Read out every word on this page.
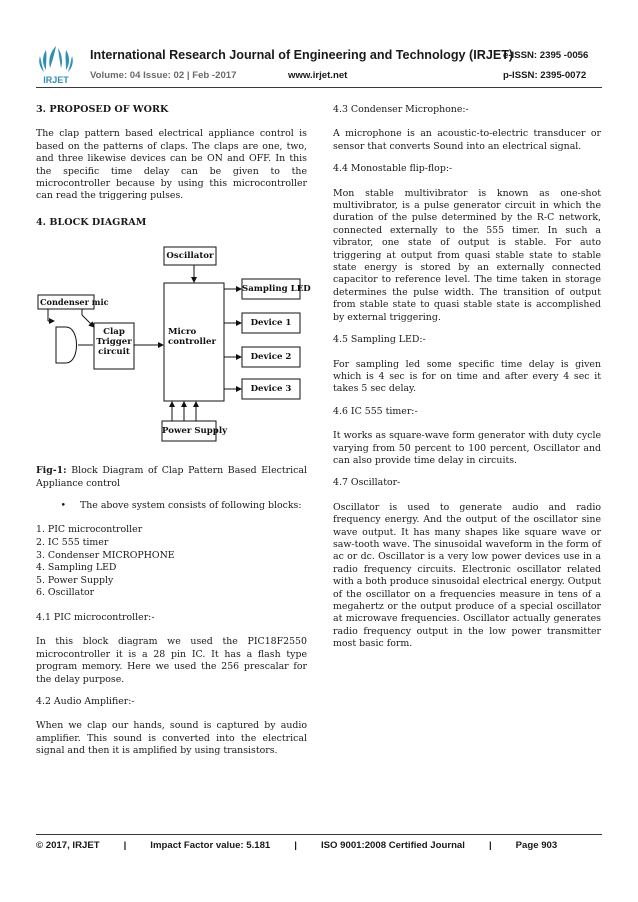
IRJET
International Research Journal of Engineering and Technology (IRJET)
e-ISSN: 2395 -0056
Volume: 04 Issue: 02 | Feb -2017	www.irjet.net	p-ISSN: 2395-0072
3. PROPOSED OF WORK

The clap pattern based electrical appliance control is based on the patterns of claps. The claps are one, two, and three likewise devices can be ON and OFF. In this the specific time delay can be given to the microcontroller because by using this microcontroller can read the triggering pulses.

4. BLOCK DIAGRAM
Oscillator
Condenser mic
Clap
Trigger
circuit
Micro
controller
Sampling LED
Device 1
Device 2
Device 3
Power Supply

Fig-1: Block Diagram of Clap Pattern Based Electrical Appliance control

•	The above system consists of following blocks:
1. PIC microcontroller
2. IC 555 timer
3. Condenser MICROPHONE
4. Sampling LED
5. Power Supply
6. Oscillator
4.1 PIC microcontroller:-

In this block diagram we used the PIC18F2550 microcontroller it is a 28 pin IC. It has a flash type program memory. Here we used the 256 prescalar for the delay purpose.

4.2 Audio Amplifier:-

When we clap our hands, sound is captured by audio amplifier. This sound is converted into the electrical signal and then it is amplified by using transistors.

4.3 Condenser Microphone:-

A microphone is an acoustic-to-electric transducer or sensor that converts Sound into an electrical signal.

4.4 Monostable flip-flop:-

Mon stable multivibrator is known as one-shot multivibrator, is a pulse generator circuit in which the duration of the pulse determined by the R-C network, connected externally to the 555 timer. In such a vibrator, one state of output is stable. For auto triggering at output from quasi stable state to stable state energy is stored by an externally connected capacitor to reference level. The time taken in storage determines the pulse width. The transition of output from stable state to quasi stable state is accomplished by external triggering.

4.5 Sampling LED:-

For sampling led some specific time delay is given which is 4 sec is for on time and after every 4 sec it takes 5 sec delay.

4.6 IC 555 timer:-

It works as square-wave form generator with duty cycle varying from 50 percent to 100 percent, Oscillator and can also provide time delay in circuits.

4.7 Oscillator-

Oscillator is used to generate audio and radio frequency energy. And the output of the oscillator sine wave output. It has many shapes like square wave or saw-tooth wave. The sinusoidal waveform in the form of ac or dc. Oscillator is a very low power devices use in a radio frequency circuits. Electronic oscillator related with a both produce sinusoidal electrical energy. Output of the oscillator on a frequencies measure in tens of a megahertz or the output produce of a special oscillator at microwave frequencies. Oscillator actually generates radio frequency output in the low power transmitter most basic form.

© 2017, IRJET	|	Impact Factor value: 5.181	|	ISO 9001:2008 Certified Journal	|	Page 903
